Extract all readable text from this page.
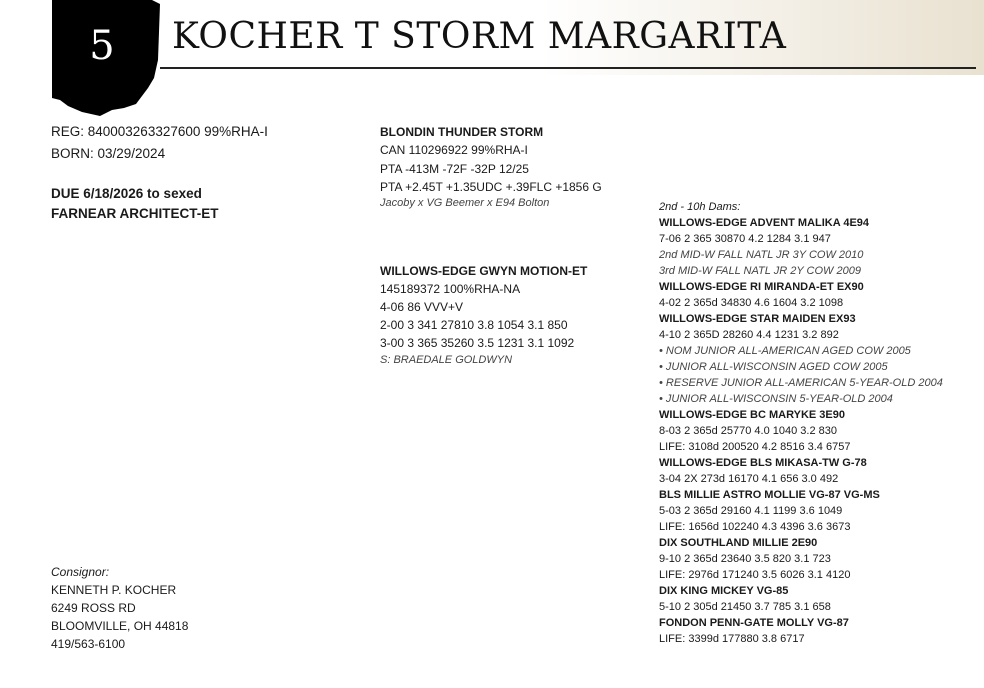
5	KOCHER T STORM MARGARITA
REG: 840003263327600 99%RHA-I
BORN: 03/29/2024
DUE 6/18/2026 to sexed
FARNEAR ARCHITECT-ET
BLONDIN THUNDER STORM
CAN 110296922 99%RHA-I
PTA -413M -72F -32P 12/25
PTA +2.45T +1.35UDC +.39FLC +1856 G
Jacoby x VG Beemer x E94 Bolton
WILLOWS-EDGE GWYN MOTION-ET
145189372 100%RHA-NA
4-06 86 VVV+V
2-00 3 341 27810 3.8 1054 3.1 850
3-00 3 365 35260 3.5 1231 3.1 1092
S: BRAEDALE GOLDWYN
2nd - 10h Dams:
WILLOWS-EDGE ADVENT MALIKA 4E94
7-06 2 365 30870 4.2 1284 3.1 947
2nd MID-W FALL NATL JR 3Y COW 2010
3rd MID-W FALL NATL JR 2Y COW 2009
WILLOWS-EDGE RI MIRANDA-ET EX90
4-02 2 365d 34830 4.6 1604 3.2 1098
WILLOWS-EDGE STAR MAIDEN EX93
4-10 2 365D 28260 4.4 1231 3.2 892
• NOM JUNIOR ALL-AMERICAN AGED COW 2005
• JUNIOR ALL-WISCONSIN AGED COW 2005
• RESERVE JUNIOR ALL-AMERICAN 5-YEAR-OLD 2004
• JUNIOR ALL-WISCONSIN 5-YEAR-OLD 2004
WILLOWS-EDGE BC MARYKE 3E90
8-03 2 365d 25770 4.0 1040 3.2 830
LIFE: 3108d 200520 4.2 8516 3.4 6757
WILLOWS-EDGE BLS MIKASA-TW G-78
3-04 2X 273d 16170 4.1 656 3.0 492
BLS MILLIE ASTRO MOLLIE VG-87 VG-MS
5-03 2 365d 29160 4.1 1199 3.6 1049
LIFE: 1656d 102240 4.3 4396 3.6 3673
DIX SOUTHLAND MILLIE 2E90
9-10 2 365d 23640 3.5 820 3.1 723
LIFE: 2976d 171240 3.5 6026 3.1 4120
DIX KING MICKEY VG-85
5-10 2 305d 21450 3.7 785 3.1 658
FONDON PENN-GATE MOLLY VG-87
LIFE: 3399d 177880 3.8 6717
Consignor:
KENNETH P. KOCHER
6249 ROSS RD
BLOOMVILLE, OH 44818
419/563-6100
